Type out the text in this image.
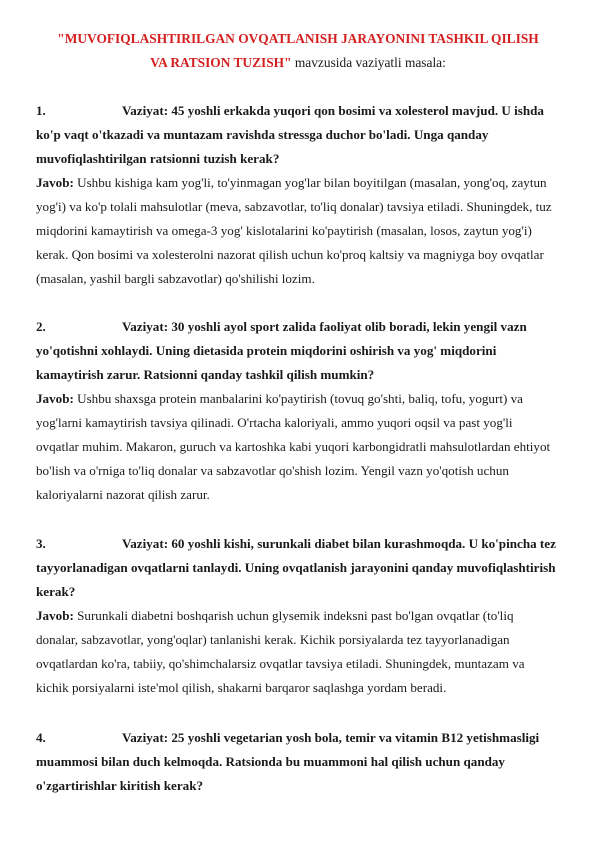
"MUVOFIQLASHTIRILGAN OVQATLANISH JARAYONINI TASHKIL QILISH
VA RATSION TUZISH" mavzusida vaziyatli masala:

1.	Vaziyat: 45 yoshli erkakda yuqori qon bosimi va xolesterol mavjud. U ishda ko'p vaqt o'tkazadi va muntazam ravishda stressga duchor bo'ladi. Unga qanday muvofiqlashtirilgan ratsionni tuzish kerak?

Javob: Ushbu kishiga kam yog'li, to'yinmagan yog'lar bilan boyitilgan (masalan, yong'oq, zaytun yog'i) va ko'p tolali mahsulotlar (meva, sabzavotlar, to'liq donalar) tavsiya etiladi. Shuningdek, tuz miqdorini kamaytirish va omega-3 yog' kislotalarini ko'paytirish (masalan, losos, zaytun yog'i) kerak. Qon bosimi va xolesterolni nazorat qilish uchun ko'proq kaltsiy va magniyga boy ovqatlar (masalan, yashil bargli sabzavotlar) qo'shilishi lozim.

2.	Vaziyat: 30 yoshli ayol sport zalida faoliyat olib boradi, lekin yengil vazn yo'qotishni xohlaydi. Uning dietasida protein miqdorini oshirish va yog' miqdorini kamaytirish zarur. Ratsionni qanday tashkil qilish mumkin?

Javob: Ushbu shaxsga protein manbalarini ko'paytirish (tovuq go'shti, baliq, tofu, yogurt) va yog'larni kamaytirish tavsiya qilinadi. O'rtacha kaloriyali, ammo yuqori oqsil va past yog'li ovqatlar muhim. Makaron, guruch va kartoshka kabi yuqori karbongidratli mahsulotlardan ehtiyot bo'lish va o'rniga to'liq donalar va sabzavotlar qo'shish lozim. Yengil vazn yo'qotish uchun kaloriyalarni nazorat qilish zarur.

3.	Vaziyat: 60 yoshli kishi, surunkali diabet bilan kurashmoqda. U ko'pincha tez tayyorlanadigan ovqatlarni tanlaydi. Uning ovqatlanish jarayonini qanday muvofiqlashtirish kerak?

Javob: Surunkali diabetni boshqarish uchun glysemik indeksni past bo'lgan ovqatlar (to'liq donalar, sabzavotlar, yong'oqlar) tanlanishi kerak. Kichik porsiyalarda tez tayyorlanadigan ovqatlardan ko'ra, tabiiy, qo'shimchalarsiz ovqatlar tavsiya etiladi. Shuningdek, muntazam va kichik porsiyalarni iste'mol qilish, shakarni barqaror saqlashga yordam beradi.

4.	Vaziyat: 25 yoshli vegetarian yosh bola, temir va vitamin B12 yetishmasligi muammosi bilan duch kelmoqda. Ratsionda bu muammoni hal qilish uchun qanday o'zgartirishlar kiritish kerak?
